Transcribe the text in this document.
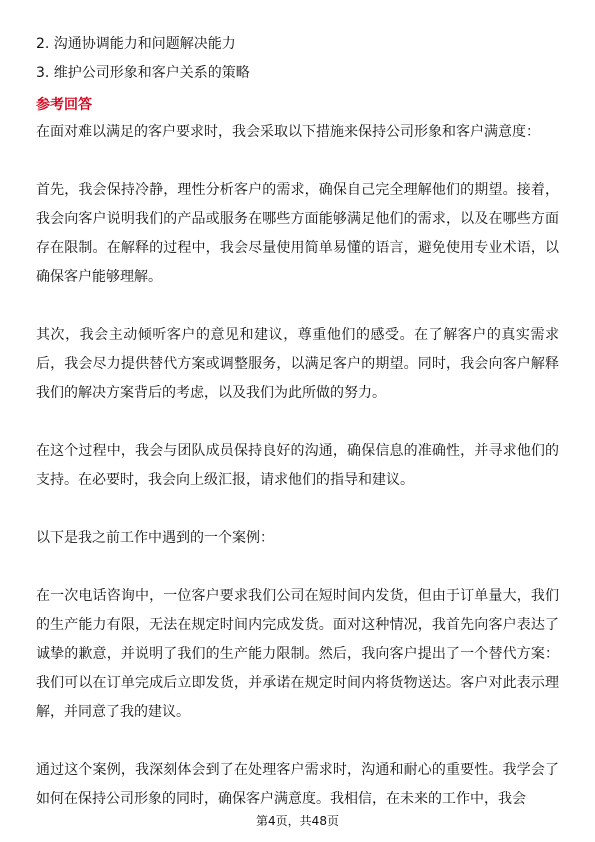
2. 沟通协调能力和问题解决能力
3. 维护公司形象和客户关系的策略
参考回答

在面对难以满足的客户要求时，我会采取以下措施来保持公司形象和客户满意度：

首先，我会保持冷静，理性分析客户的需求，确保自己完全理解他们的期望。接着，我会向客户说明我们的产品或服务在哪些方面能够满足他们的需求，以及在哪些方面存在限制。在解释的过程中，我会尽量使用简单易懂的语言，避免使用专业术语，以确保客户能够理解。

其次，我会主动倾听客户的意见和建议，尊重他们的感受。在了解客户的真实需求后，我会尽力提供替代方案或调整服务，以满足客户的期望。同时，我会向客户解释我们的解决方案背后的考虑，以及我们为此所做的努力。

在这个过程中，我会与团队成员保持良好的沟通，确保信息的准确性，并寻求他们的支持。在必要时，我会向上级汇报，请求他们的指导和建议。

以下是我之前工作中遇到的一个案例：

在一次电话咨询中，一位客户要求我们公司在短时间内发货，但由于订单量大，我们的生产能力有限，无法在规定时间内完成发货。面对这种情况，我首先向客户表达了诚挚的歉意，并说明了我们的生产能力限制。然后，我向客户提出了一个替代方案：我们可以在订单完成后立即发货，并承诺在规定时间内将货物送达。客户对此表示理解，并同意了我的建议。

通过这个案例，我深刻体会到了在处理客户需求时，沟通和耐心的重要性。我学会了如何在保持公司形象的同时，确保客户满意度。我相信，在未来的工作中，我会

第4页，共48页
